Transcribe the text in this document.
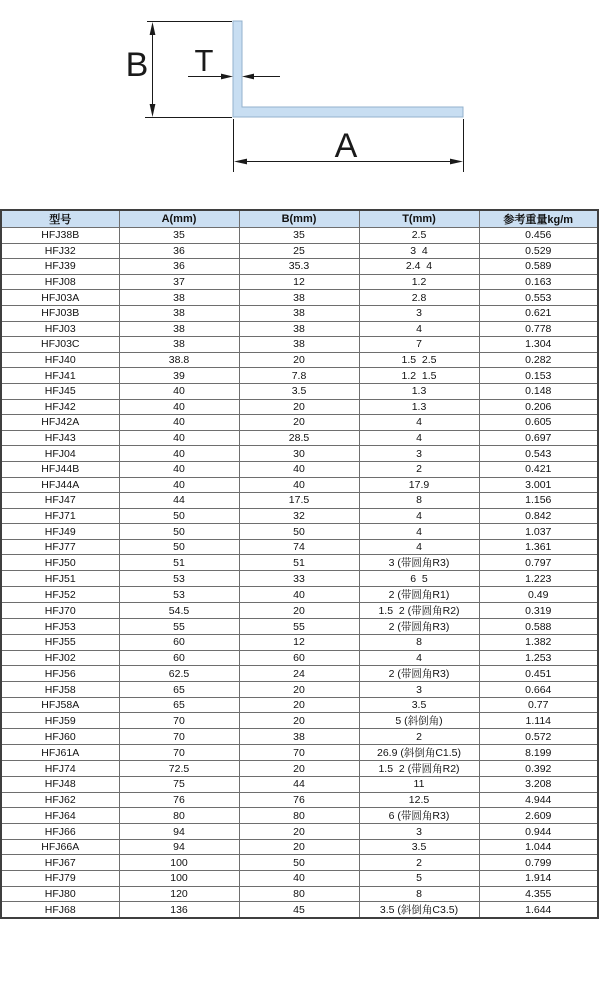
B T
A
型号	A(mm)	B(mm)	T(mm)	参考重量kg/m
HFJ38B	35	35	2.5	0.456
HFJ32	36	25	3  4	0.529
HFJ39	36	35.3	2.4  4	0.589
HFJ08	37	12	1.2	0.163
HFJ03A	38	38	2.8	0.553
HFJ03B	38	38	3	0.621
HFJ03	38	38	4	0.778
HFJ03C	38	38	7	1.304
HFJ40	38.8	20	1.5  2.5	0.282
HFJ41	39	7.8	1.2  1.5	0.153
HFJ45	40	3.5	1.3	0.148
HFJ42	40	20	1.3	0.206
HFJ42A	40	20	4	0.605
HFJ43	40	28.5	4	0.697
HFJ04	40	30	3	0.543
HFJ44B	40	40	2	0.421
HFJ44A	40	40	17.9	3.001
HFJ47	44	17.5	8	1.156
HFJ71	50	32	4	0.842
HFJ49	50	50	4	1.037
HFJ77	50	74	4	1.361
HFJ50	51	51	3 (带圆角R3)	0.797
HFJ51	53	33	6  5	1.223
HFJ52	53	40	2 (带圆角R1)	0.49
HFJ70	54.5	20	1.5  2 (带圆角R2)	0.319
HFJ53	55	55	2 (带圆角R3)	0.588
HFJ55	60	12	8	1.382
HFJ02	60	60	4	1.253
HFJ56	62.5	24	2 (带圆角R3)	0.451
HFJ58	65	20	3	0.664
HFJ58A	65	20	3.5	0.77
HFJ59	70	20	5 (斜倒角)	1.114
HFJ60	70	38	2	0.572
HFJ61A	70	70	26.9 (斜倒角C1.5)	8.199
HFJ74	72.5	20	1.5  2 (带圆角R2)	0.392
HFJ48	75	44	11	3.208
HFJ62	76	76	12.5	4.944
HFJ64	80	80	6 (带圆角R3)	2.609
HFJ66	94	20	3	0.944
HFJ66A	94	20	3.5	1.044
HFJ67	100	50	2	0.799
HFJ79	100	40	5	1.914
HFJ80	120	80	8	4.355
HFJ68	136	45	3.5 (斜倒角C3.5)	1.644
